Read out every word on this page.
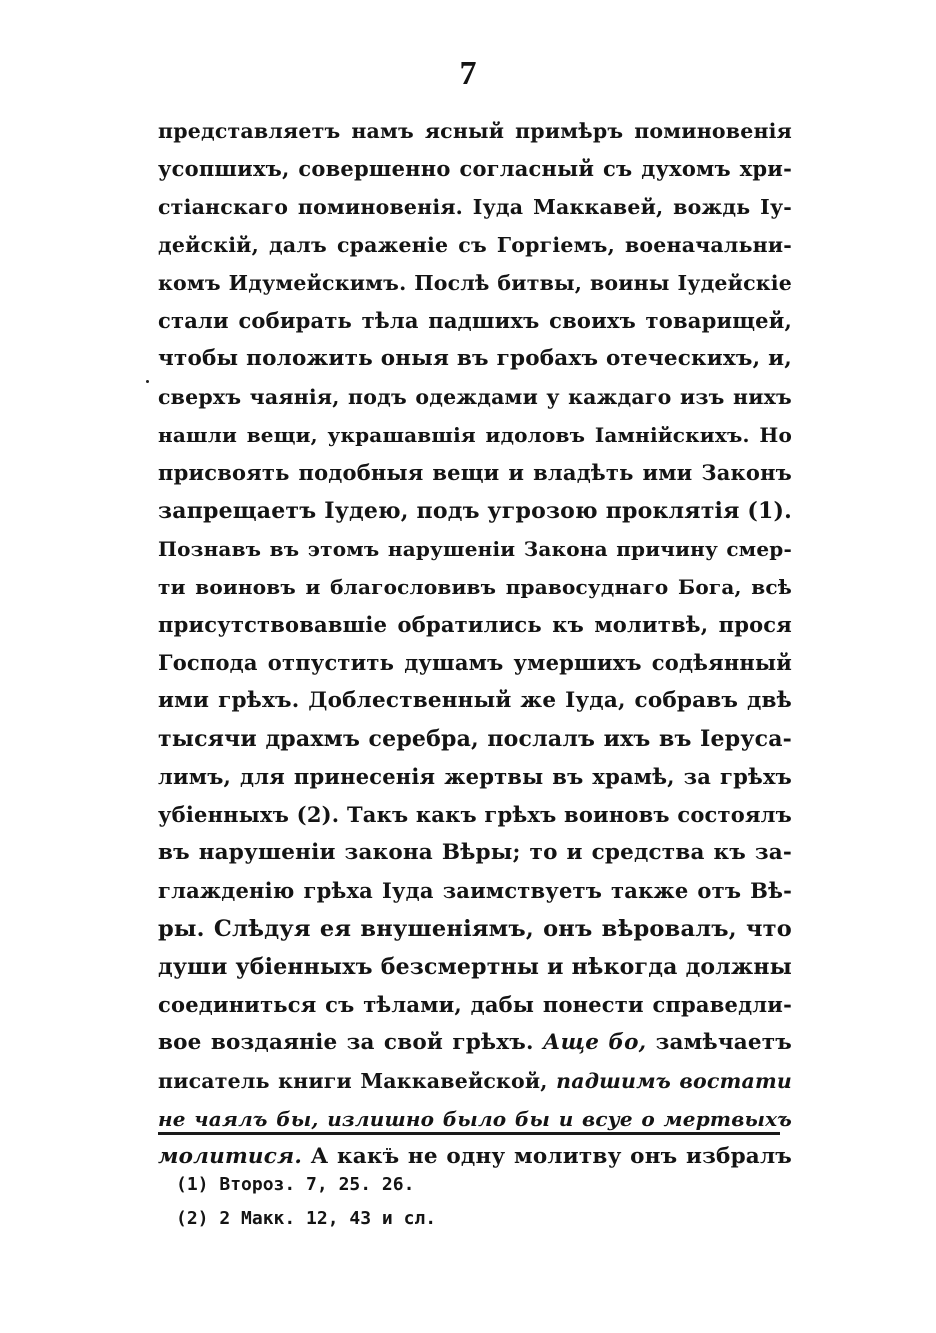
7
представляетъ намъ ясный примѣръ поминовенія
усопшихъ, совершенно согласный съ духомъ хри-
стіанскаго поминовенія. Іуда Маккавей, вождь Іу-
дейскій, далъ сраженіе съ Горгіемъ, военачальни-
комъ Идумейскимъ. Послѣ битвы, воины Іудейскіе
стали собирать тѣла падшихъ своихъ товарищей,
чтобы положить оныя въ гробахъ отеческихъ, и,
сверхъ чаянія, подъ одеждами у каждаго изъ нихъ
нашли вещи, украшавшія идоловъ Іамнійскихъ. Но
присвоять подобныя вещи и владѣть ими Законъ
запрещаетъ Іудею, подъ угрозою проклятія (1).
Познавъ въ этомъ нарушеніи Закона причину смер-
ти воиновъ и благословивъ правосуднаго Бога, всѣ
присутствовавшіе обратились къ молитвѣ, прося
Господа отпустить душамъ умершихъ содѣянный
ими грѣхъ. Доблественный же Іуда, собравъ двѣ
тысячи драхмъ серебра, послалъ ихъ въ Іеруса-
лимъ, для принесенія жертвы въ храмѣ, за грѣхъ
убіенныхъ (2). Такъ какъ грѣхъ воиновъ состоялъ
въ нарушеніи закона Вѣры; то и средства къ за-
глажденію грѣха Іуда заимствуетъ также отъ Вѣ-
ры. Слѣдуя ея внушеніямъ, онъ вѣровалъ, что
души убіенныхъ безсмертны и нѣкогда должны
соединиться съ тѣлами, дабы понести справедли-
вое воздаяніе за свой грѣхъ. Аще бо, замѣчаетъ
писатель книги Маккавейской, падшимъ востати
не чаялъ бы, излишно было бы и всуе о мертвыхъ
молитися. А какъ не одну молитву онъ избралъ
(1) Второз. 7, 25. 26.
(2) 2 Макк. 12, 43 и сл.
